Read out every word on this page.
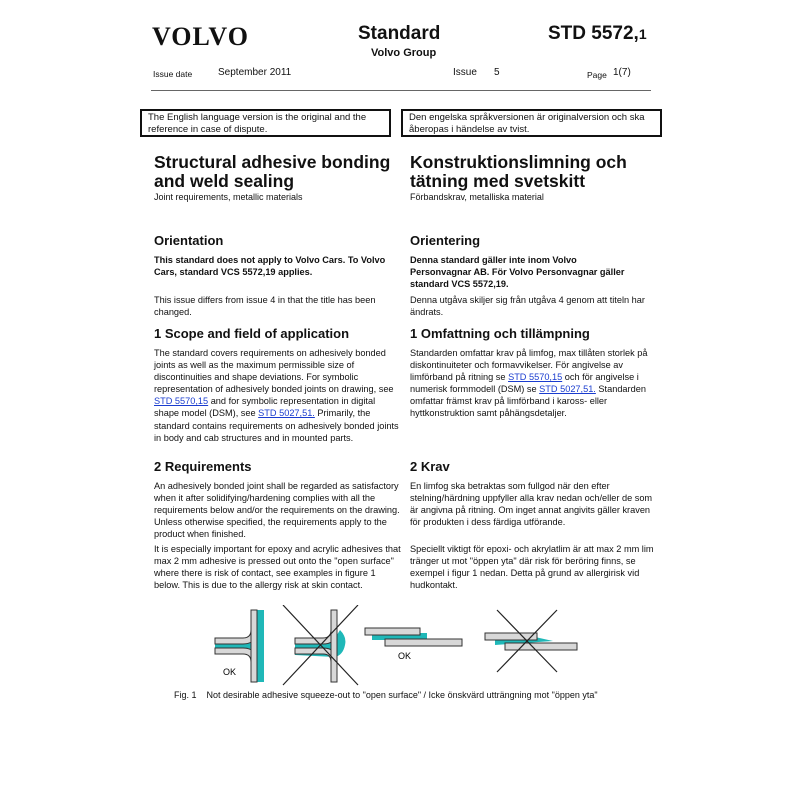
VOLVO	Standard
Volvo Group
STD 5572,1
Issue date	September 2011	Issue 5	Page 1(7)
The English language version is the original and the reference in case of dispute.
Den engelska språkversionen är originalversion och ska åberopas i händelse av tvist.
Structural adhesive bonding and weld sealing
Joint requirements, metallic materials
Orientation
This standard does not apply to Volvo Cars. To Volvo Cars, standard VCS 5572,19 applies.
This issue differs from issue 4 in that the title has been changed.
1 Scope and field of application
The standard covers requirements on adhesively bonded joints as well as the maximum permissible size of discontinuities and shape deviations. For symbolic representation of adhesively bonded joints on drawing, see STD 5570,15 and for symbolic representation in digital shape model (DSM), see STD 5027,51. Primarily, the standard contains requirements on adhesively bonded joints in body and cab structures and in mounted parts.
2 Requirements
An adhesively bonded joint shall be regarded as satisfactory when it after solidifying/hardening complies with all the requirements below and/or the requirements on the drawing. Unless otherwise specified, the requirements apply to the product when finished.
It is especially important for epoxy and acrylic adhesives that max 2 mm adhesive is pressed out onto the "open surface" where there is risk of contact, see examples in figure 1 below. This is due to the allergy risk at skin contact.
Konstruktionslimning och tätning med svetskitt
Förbandskrav, metalliska material
Orientering
Denna standard gäller inte inom Volvo Personvagnar AB. För Volvo Personvagnar gäller standard VCS 5572,19.
Denna utgåva skiljer sig från utgåva 4 genom att titeln har ändrats.
1 Omfattning och tillämpning
Standarden omfattar krav på limfog, max tillåten storlek på diskontinuiteter och formavvikelser. För angivelse av limförband på ritning se STD 5570,15 och för angivelse i numerisk formmodell (DSM) se STD 5027,51. Standarden omfattar främst krav på limförband i kaross- eller hyttkonstruktion samt påhängsdetaljer.
2 Krav
En limfog ska betraktas som fullgod när den efter stelning/härdning uppfyller alla krav nedan och/eller de som är angivna på ritning. Om inget annat angivits gäller kraven för produkten i dess färdiga utförande.
Speciellt viktigt för epoxi- och akrylatlim är att max 2 mm lim tränger ut mot "öppen yta" där risk för beröring finns, se exempel i figur 1 nedan. Detta på grund av allergirisk vid hudkontakt.
OK
OK
Fig. 1 Not desirable adhesive squeeze-out to "open surface" / Icke önskvärd utträngning mot "öppen yta"
